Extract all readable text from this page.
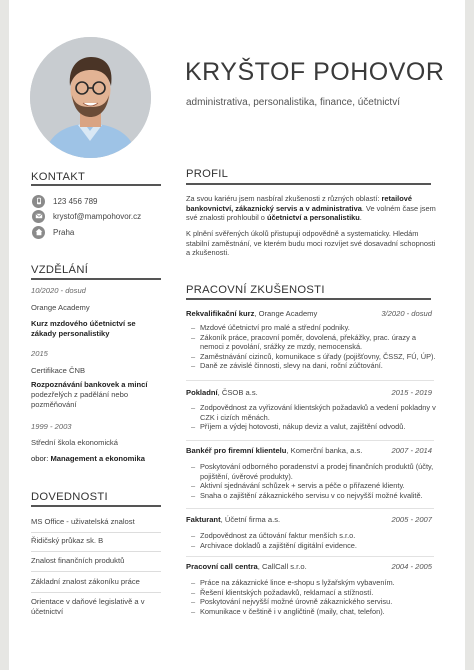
KRYŠTOF POHOVOR
administrativa, personalistika, finance, účetnictví
KONTAKT
123 456 789
krystof@mampohovor.cz
Praha
VZDĚLÁNÍ
10/2020 - dosud
Orange Academy
Kurz mzdového účetnictví se zákady personalistiky
2015
Certifikace ČNB
Rozpoznávání bankovek a mincí
podezřelých z padělání nebo pozměňování
1999 - 2003
Střední škola ekonomická
obor: Management a ekonomika
DOVEDNOSTI
MS Office - uživatelská znalost
Řidičský průkaz sk. B
Znalost finančních produktů
Základní znalost zákoníku práce
Orientace v daňové legislativě a v účetnictví
PROFIL
Za svou kariéru jsem nasbíral zkušenosti z různých oblastí: retailové bankovnictví, zákaznický servis a v administrativa. Ve volném čase jsem své znalosti prohloubil o účetnictví a personalistiku.
K plnění svěřených úkolů přistupuji odpovědně a systematicky. Hledám stabilní zaměstnání, ve kterém budu moci rozvíjet své dosavadní schopnosti a zkušenosti.
PRACOVNÍ ZKUŠENOSTI
Rekvalifikační kurz, Orange Academy	3/2020 - dosud
– Mzdové účetnictví pro malé a střední podniky.
– Zákoník práce, pracovní poměr, dovolená, překážky, prac. úrazy a nemoci z povolání, srážky ze mzdy, nemocenská.
– Zaměstnávání cizinců, komunikace s úřady (pojišťovny, ČSSZ, FÚ, ÚP).
– Daně ze závislé činnosti, slevy na dani, roční zúčtování.
Pokladní, ČSOB a.s.	2015 - 2019
– Zodpovědnost za vyřizování klientských požadavků a vedení pokladny v CZK i cizích měnách.
– Příjem a výdej hotovosti, nákup deviz a valut, zajištění odvodů.
Bankéř pro firemní klientelu, Komerční banka, a.s.	2007 - 2014
– Poskytování odborného poradenství a prodej finančních produktů (účty, pojištění, úvěrové produkty).
– Aktivní sjednávání schůzek + servis a péče o přiřazené klienty.
– Snaha o zajištění zákaznického servisu v co nejvyšší možné kvalitě.
Fakturant, Účetní firma a.s.	2005 - 2007
– Zodpovědnost za účtování faktur menších s.r.o.
– Archivace dokladů a zajištění digitální evidence.
Pracovní call centra, CallCall s.r.o.	2004 - 2005
– Práce na zákaznické lince e-shopu s lyžařským vybavením.
– Řešení klientských požadavků, reklamací a stížností.
– Poskytování nejvyšší možné úrovně zákaznického servisu.
– Komunikace v češtině i v angličtině (maily, chat, telefon).
